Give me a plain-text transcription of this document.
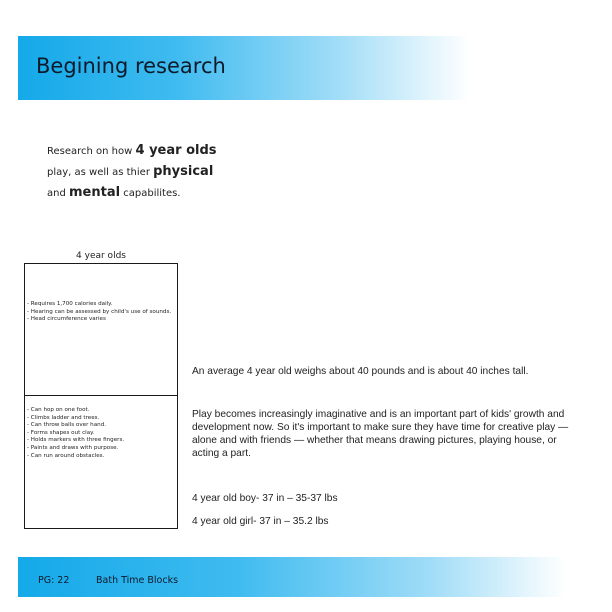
Begining research
Research on how 4 year olds
play, as well as thier physical
and mental capabilites.
4 year olds
- Requires 1,700 calories daily.
- Hearing can be assessed by child's use of sounds.
- Head circumference varies
- Can hop on one foot.
- Climbs ladder and trees.
- Can throw balls over hand.
- Forms shapes out clay.
- Holds markers with three fingers.
- Paints and draws with purpose.
- Can run around obstacles.
An average 4 year old weighs about 40 pounds and is about 40 inches tall.
Play becomes increasingly imaginative and is an important part of kids' growth and development now. So it's important to make sure they have time for creative play — alone and with friends — whether that means drawing pictures, playing house, or acting a part.
4 year old boy- 37 in – 35-37 lbs
4 year old girl- 37 in – 35.2 lbs
PG: 22	Bath Time Blocks
